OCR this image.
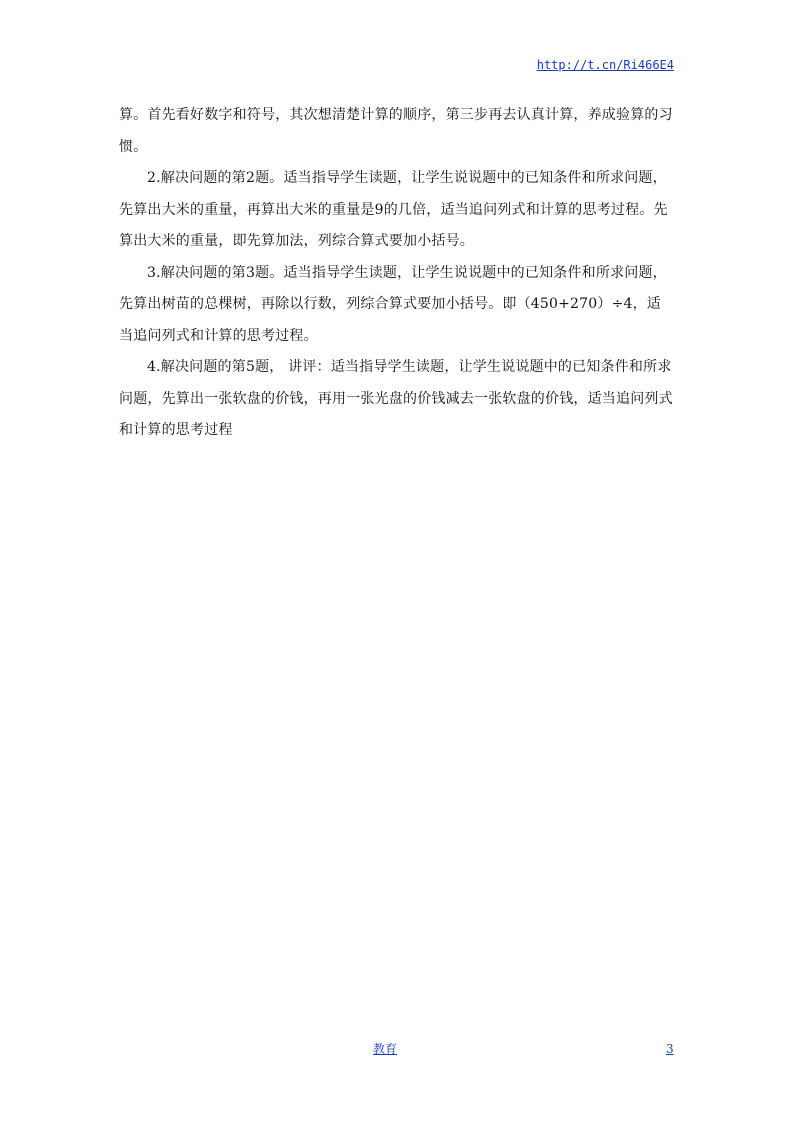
http://t.cn/Ri466E4

算。首先看好数字和符号，其次想清楚计算的顺序，第三步再去认真计算，养成验算的习惯。

2.解决问题的第2题。适当指导学生读题，让学生说说题中的已知条件和所求问题，先算出大米的重量，再算出大米的重量是9的几倍，适当追问列式和计算的思考过程。先算出大米的重量，即先算加法，列综合算式要加小括号。

3.解决问题的第3题。适当指导学生读题，让学生说说题中的已知条件和所求问题，先算出树苗的总棵树，再除以行数，列综合算式要加小括号。即（450+270）÷4，适当追问列式和计算的思考过程。

4.解决问题的第5题， 讲评：适当指导学生读题，让学生说说题中的已知条件和所求问题，先算出一张软盘的价钱，再用一张光盘的价钱减去一张软盘的价钱，适当追问列式和计算的思考过程

教育	3
